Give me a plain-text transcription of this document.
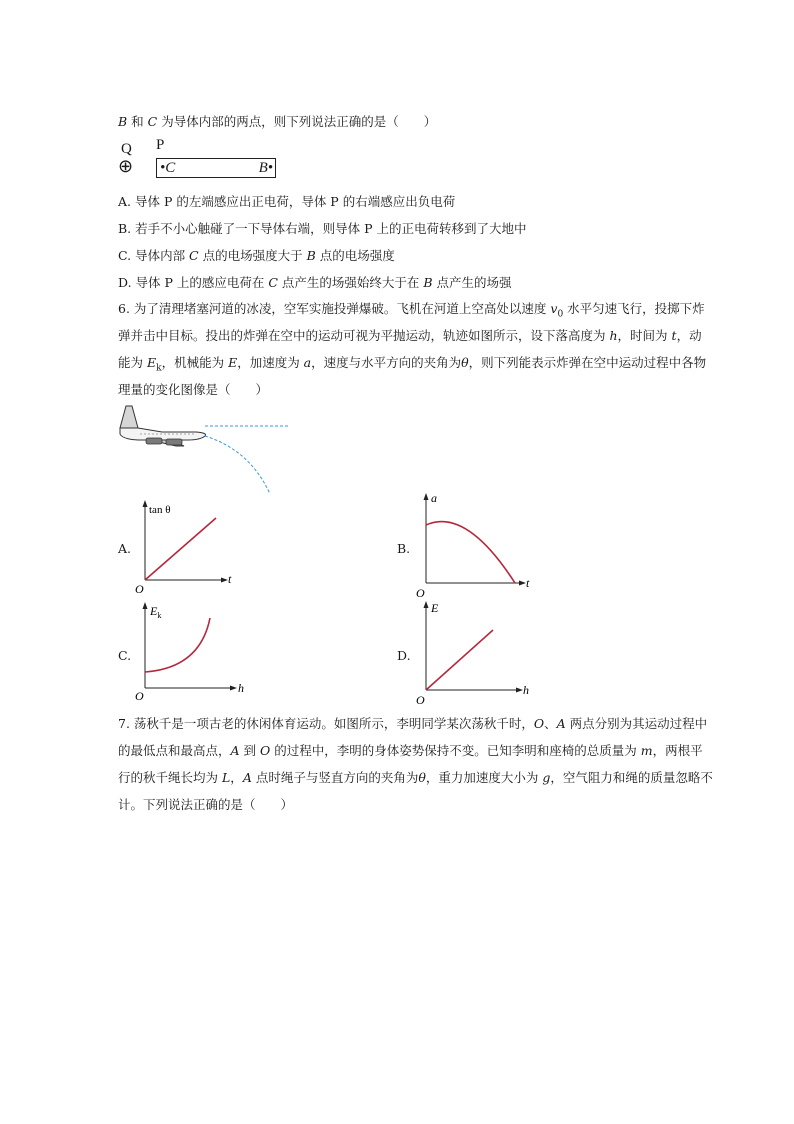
B 和 C 为导体内部的两点，则下列说法正确的是（　　）
Q P
⊕ •C	B•
A. 导体 P 的左端感应出正电荷，导体 P 的右端感应出负电荷
B. 若手不小心触碰了一下导体右端，则导体 P 上的正电荷转移到了大地中
C. 导体内部 C 点的电场强度大于 B 点的电场强度
D. 导体 P 上的感应电荷在 C 点产生的场强始终大于在 B 点产生的场强
6. 为了清理堵塞河道的冰凌，空军实施投弹爆破。飞机在河道上空高处以速度 $v_0$ 水平匀速飞行，投掷下炸
弹并击中目标。投出的炸弹在空中的运动可视为平抛运动，轨迹如图所示，设下落高度为 h，时间为 t，动
能为 $E_k$，机械能为 E，加速度为 a，速度与水平方向的夹角为θ，则下列能表示炸弹在空中运动过程中各物
理量的变化图像是（　　）
A.
tan θ
t
O
B.
a
t
O
C.
$E_k$
h
O
D.
E
h
O
7. 荡秋千是一项古老的休闲体育运动。如图所示，李明同学某次荡秋千时，O、A 两点分别为其运动过程中
的最低点和最高点，A 到 O 的过程中，李明的身体姿势保持不变。已知李明和座椅的总质量为 m，两根平
行的秋千绳长均为 L，A 点时绳子与竖直方向的夹角为θ，重力加速度大小为 g，空气阻力和绳的质量忽略不
计。下列说法正确的是（　　）
